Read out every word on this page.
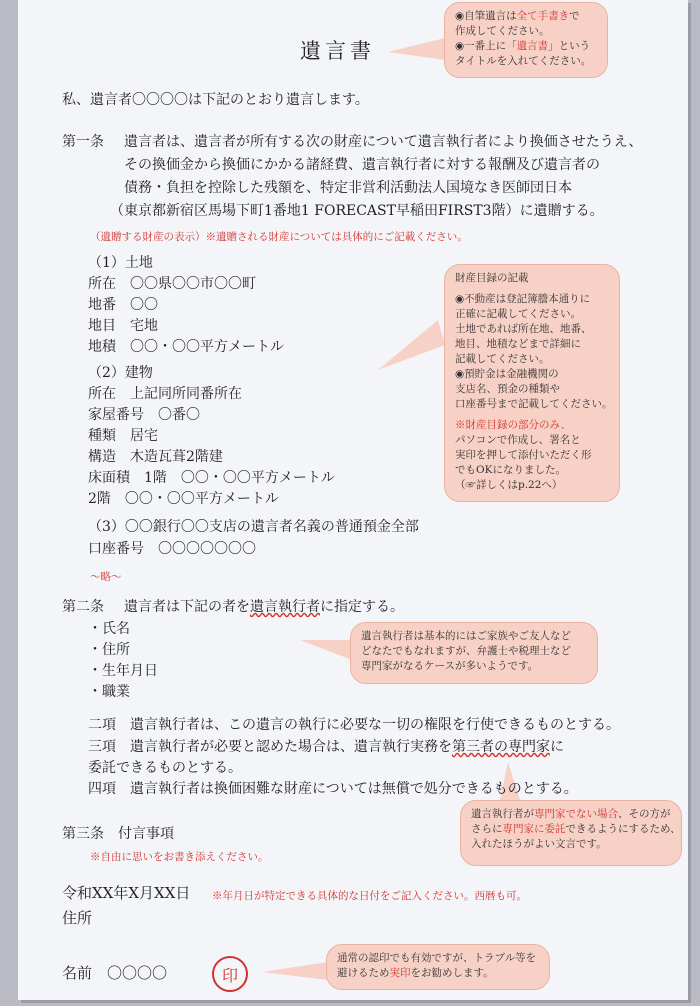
遺言書
私、遺言者〇〇〇〇は下記のとおり遺言します。
第一条 遺言者は、遺言者が所有する次の財産について遺言執行者により換価させたうえ、
その換価金から換価にかかる諸経費、遺言執行者に対する報酬及び遺言者の
債務・負担を控除した残額を、特定非営利活動法人国境なき医師団日本
（東京都新宿区馬場下町1番地1 FORECAST早稲田FIRST3階）に遺贈する。
（遺贈する財産の表示）※遺贈される財産については具体的にご記載ください。
（1）土地
所在　〇〇県〇〇市〇〇町
地番　〇〇
地目　宅地
地積　〇〇・〇〇平方メートル
（2）建物
所在　上記同所同番所在
家屋番号　〇番〇
種類　居宅
構造　木造瓦葺2階建
床面積　1階　〇〇・〇〇平方メートル
2階　〇〇・〇〇平方メートル
（3）〇〇銀行〇〇支店の遺言者名義の普通預金全部
口座番号　〇〇〇〇〇〇〇
〜略〜
第二条 遺言者は下記の者を遺言執行者に指定する。
・氏名
・住所
・生年月日
・職業
二項　遺言執行者は、この遺言の執行に必要な一切の権限を行使できるものとする。
三項　遺言執行者が必要と認めた場合は、遺言執行実務を第三者の専門家に
委託できるものとする。
四項　遺言執行者は換価困難な財産については無償で処分できるものとする。
第三条　付言事項
※自由に思いをお書き添えください。
令和XX年X月XX日 ※年月日が特定できる具体的な日付をご記入ください。西暦も可。
住所
名前　〇〇〇〇	印
◉自筆遺言は全て手書きで
作成してください。
◉一番上に「遺言書」という
タイトルを入れてください。
財産目録の記載
◉不動産は登記簿謄本通りに
正確に記載してください。
土地であれば所在地、地番、
地目、地積などまで詳細に
記載してください。
◉預貯金は金融機関の
支店名、預金の種類や
口座番号まで記載してください。
※財産目録の部分のみ、
パソコンで作成し、署名と
実印を押して添付いただく形
でもOKになりました。
（☞詳しくはp.22へ）
遺言執行者は基本的にはご家族やご友人など
どなたでもなれますが、弁護士や税理士など
専門家がなるケースが多いようです。
遺言執行者が専門家でない場合、その方が
さらに専門家に委託できるようにするため、
入れたほうがよい文言です。
通常の認印でも有効ですが、トラブル等を
避けるため実印をお勧めします。
